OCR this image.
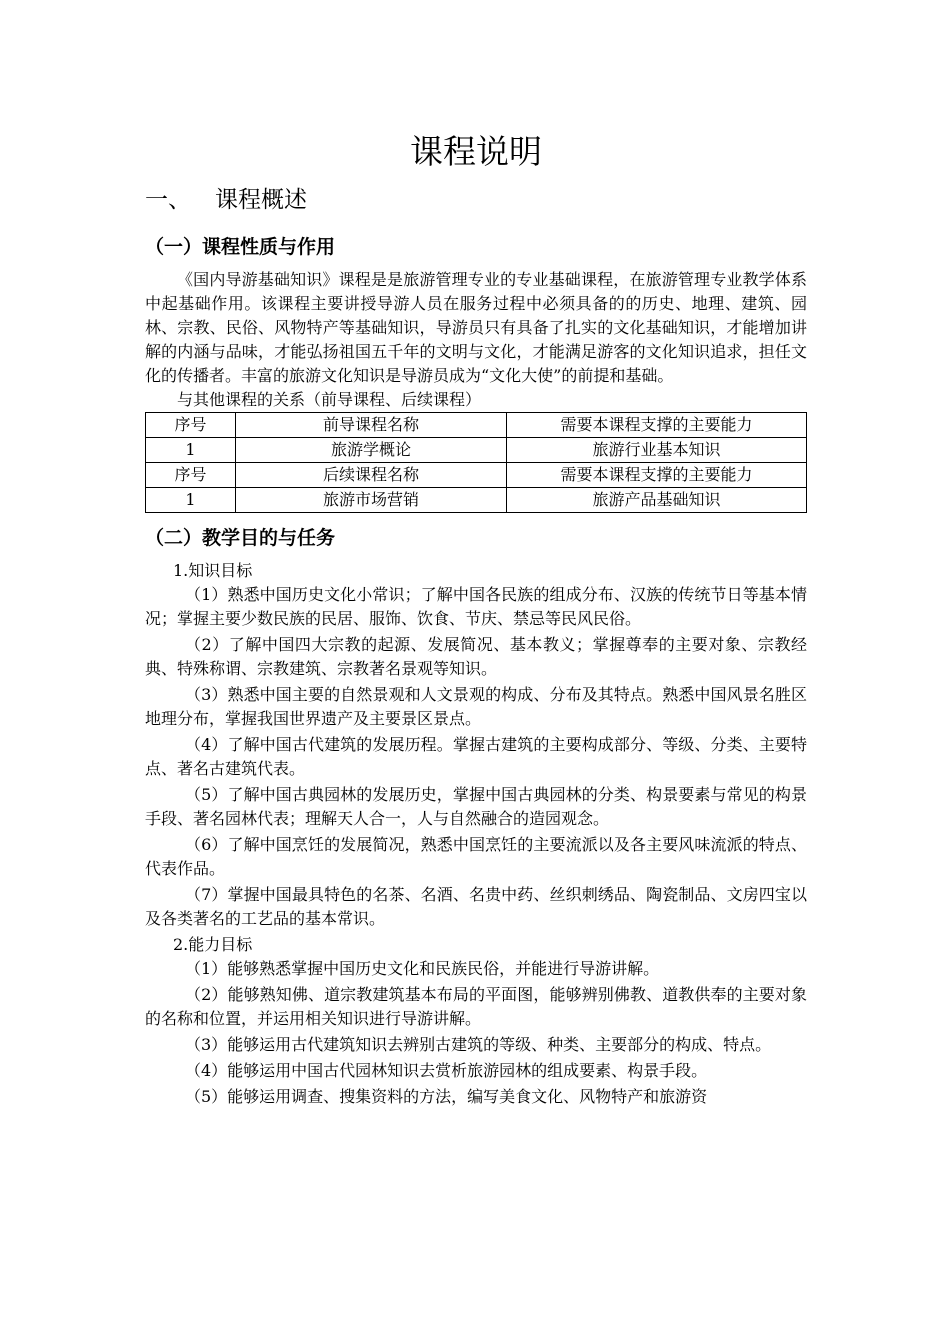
课程说明
一、 课程概述
（一）课程性质与作用

《国内导游基础知识》课程是是旅游管理专业的专业基础课程，在旅游管理专业教学体系中起基础作用。该课程主要讲授导游人员在服务过程中必须具备的的历史、地理、建筑、园林、宗教、民俗、风物特产等基础知识，导游员只有具备了扎实的文化基础知识，才能增加讲解的内涵与品味，才能弘扬祖国五千年的文明与文化，才能满足游客的文化知识追求，担任文化的传播者。丰富的旅游文化知识是导游员成为“文化大使”的前提和基础。

与其他课程的关系（前导课程、后续课程）

序号	前导课程名称	需要本课程支撑的主要能力
1	旅游学概论	旅游行业基本知识
序号	后续课程名称	需要本课程支撑的主要能力
1	旅游市场营销	旅游产品基础知识
（二）教学目的与任务

1.知识目标

（1）熟悉中国历史文化小常识；了解中国各民族的组成分布、汉族的传统节日等基本情况；掌握主要少数民族的民居、服饰、饮食、节庆、禁忌等民风民俗。

（2）了解中国四大宗教的起源、发展简况、基本教义；掌握尊奉的主要对象、宗教经典、特殊称谓、宗教建筑、宗教著名景观等知识。

（3）熟悉中国主要的自然景观和人文景观的构成、分布及其特点。熟悉中国风景名胜区地理分布，掌握我国世界遗产及主要景区景点。

（4）了解中国古代建筑的发展历程。掌握古建筑的主要构成部分、等级、分类、主要特点、著名古建筑代表。

（5）了解中国古典园林的发展历史，掌握中国古典园林的分类、构景要素与常见的构景手段、著名园林代表；理解天人合一，人与自然融合的造园观念。

（6）了解中国烹饪的发展简况，熟悉中国烹饪的主要流派以及各主要风味流派的特点、代表作品。

（7）掌握中国最具特色的名茶、名酒、名贵中药、丝织刺绣品、陶瓷制品、文房四宝以及各类著名的工艺品的基本常识。

2.能力目标

（1）能够熟悉掌握中国历史文化和民族民俗，并能进行导游讲解。

（2）能够熟知佛、道宗教建筑基本布局的平面图，能够辨别佛教、道教供奉的主要对象的名称和位置，并运用相关知识进行导游讲解。

（3）能够运用古代建筑知识去辨别古建筑的等级、种类、主要部分的构成、特点。

（4）能够运用中国古代园林知识去赏析旅游园林的组成要素、构景手段。

（5）能够运用调查、搜集资料的方法，编写美食文化、风物特产和旅游资
